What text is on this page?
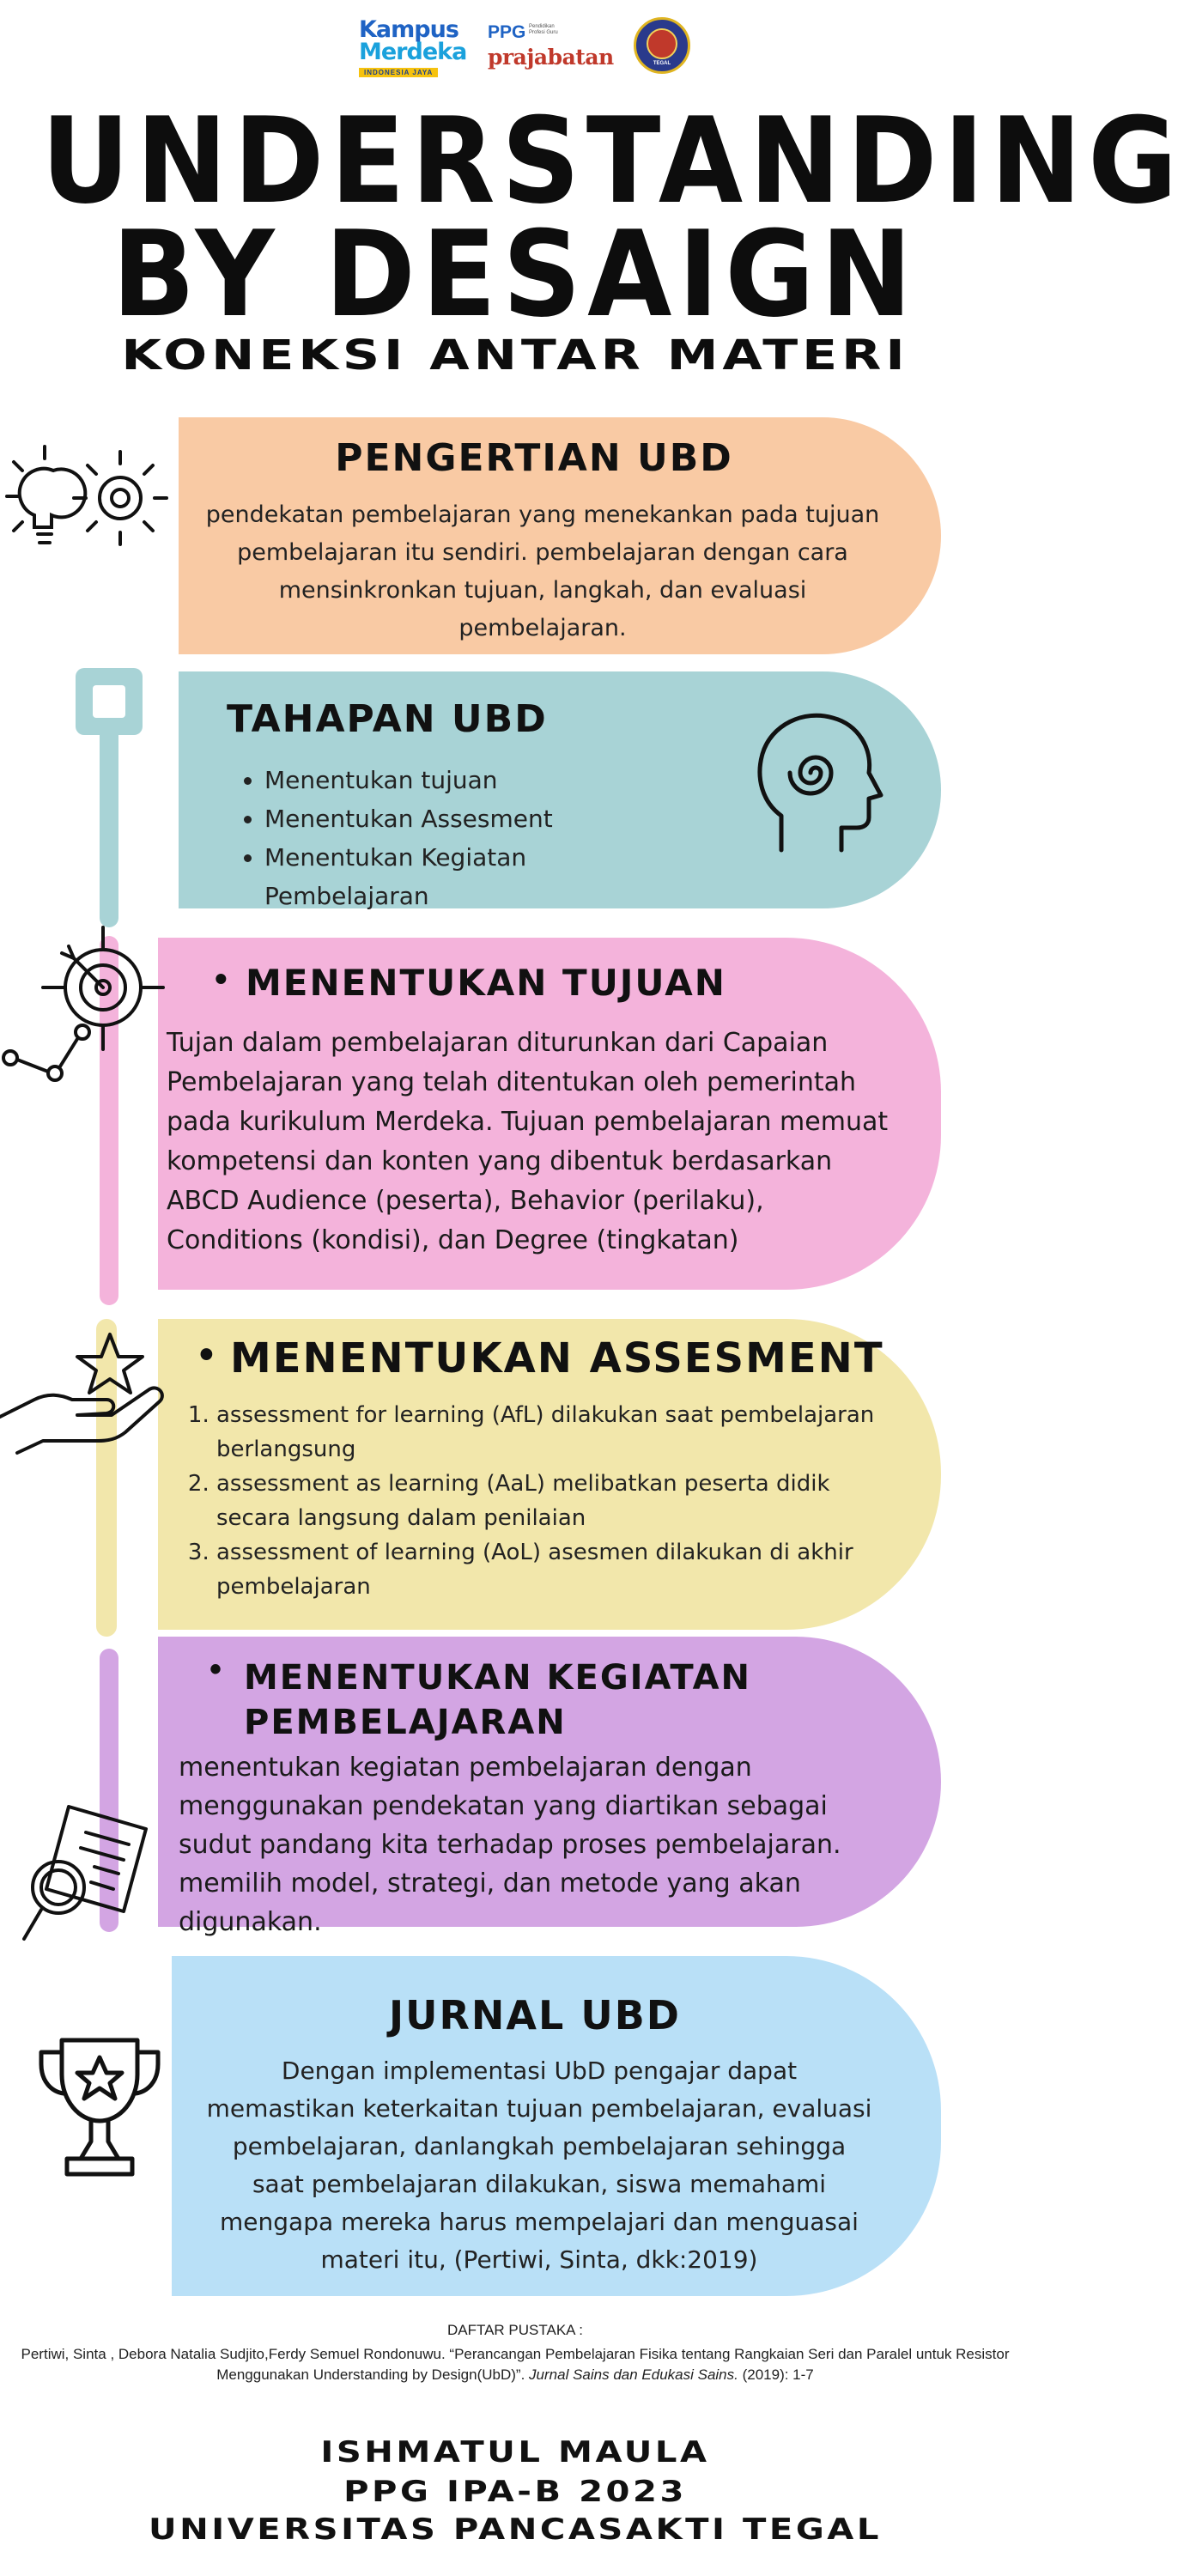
Kampus
Merdeka
INDONESIA JAYA
PPG Pendidikan Profesi Guru
prajabatan	TEGAL
UNDERSTANDING
BY DESAIGN
KONEKSI ANTAR MATERI
PENGERTIAN UBD

pendekatan pembelajaran yang menekankan pada tujuan pembelajaran itu sendiri. pembelajaran dengan cara mensinkronkan tujuan, langkah, dan evaluasi pembelajaran.

TAHAPAN UBD
• Menentukan tujuan
• Menentukan Assesment
• Menentukan Kegiatan Pembelajaran
• MENENTUKAN TUJUAN

Tujan dalam pembelajaran diturunkan dari Capaian Pembelajaran yang telah ditentukan oleh pemerintah pada kurikulum Merdeka. Tujuan pembelajaran memuat kompetensi dan konten yang dibentuk berdasarkan ABCD Audience (peserta), Behavior (perilaku), Conditions (kondisi), dan Degree (tingkatan)

• MENENTUKAN ASSESMENT
1. assessment for learning (AfL) dilakukan saat pembelajaran berlangsung
2. assessment as learning (AaL) melibatkan peserta didik secara langsung dalam penilaian
3. assessment of learning (AoL) asesmen dilakukan di akhir pembelajaran
• MENENTUKAN KEGIATAN PEMBELAJARAN

menentukan kegiatan pembelajaran dengan menggunakan pendekatan yang diartikan sebagai sudut pandang kita terhadap proses pembelajaran. memilih model, strategi, dan metode yang akan digunakan.

JURNAL UBD

Dengan implementasi UbD pengajar dapat memastikan keterkaitan tujuan pembelajaran, evaluasi pembelajaran, danlangkah pembelajaran sehingga saat pembelajaran dilakukan, siswa memahami mengapa mereka harus mempelajari dan menguasai materi itu, (Pertiwi, Sinta, dkk:2019)

DAFTAR PUSTAKA :
Pertiwi, Sinta , Debora Natalia Sudjito,Ferdy Semuel Rondonuwu. “Perancangan Pembelajaran Fisika tentang Rangkaian Seri dan Paralel untuk Resistor Menggunakan Understanding by Design(UbD)”. Jurnal Sains dan Edukasi Sains. (2019): 1-7
ISHMATUL MAULA
PPG IPA-B 2023
UNIVERSITAS PANCASAKTI TEGAL
